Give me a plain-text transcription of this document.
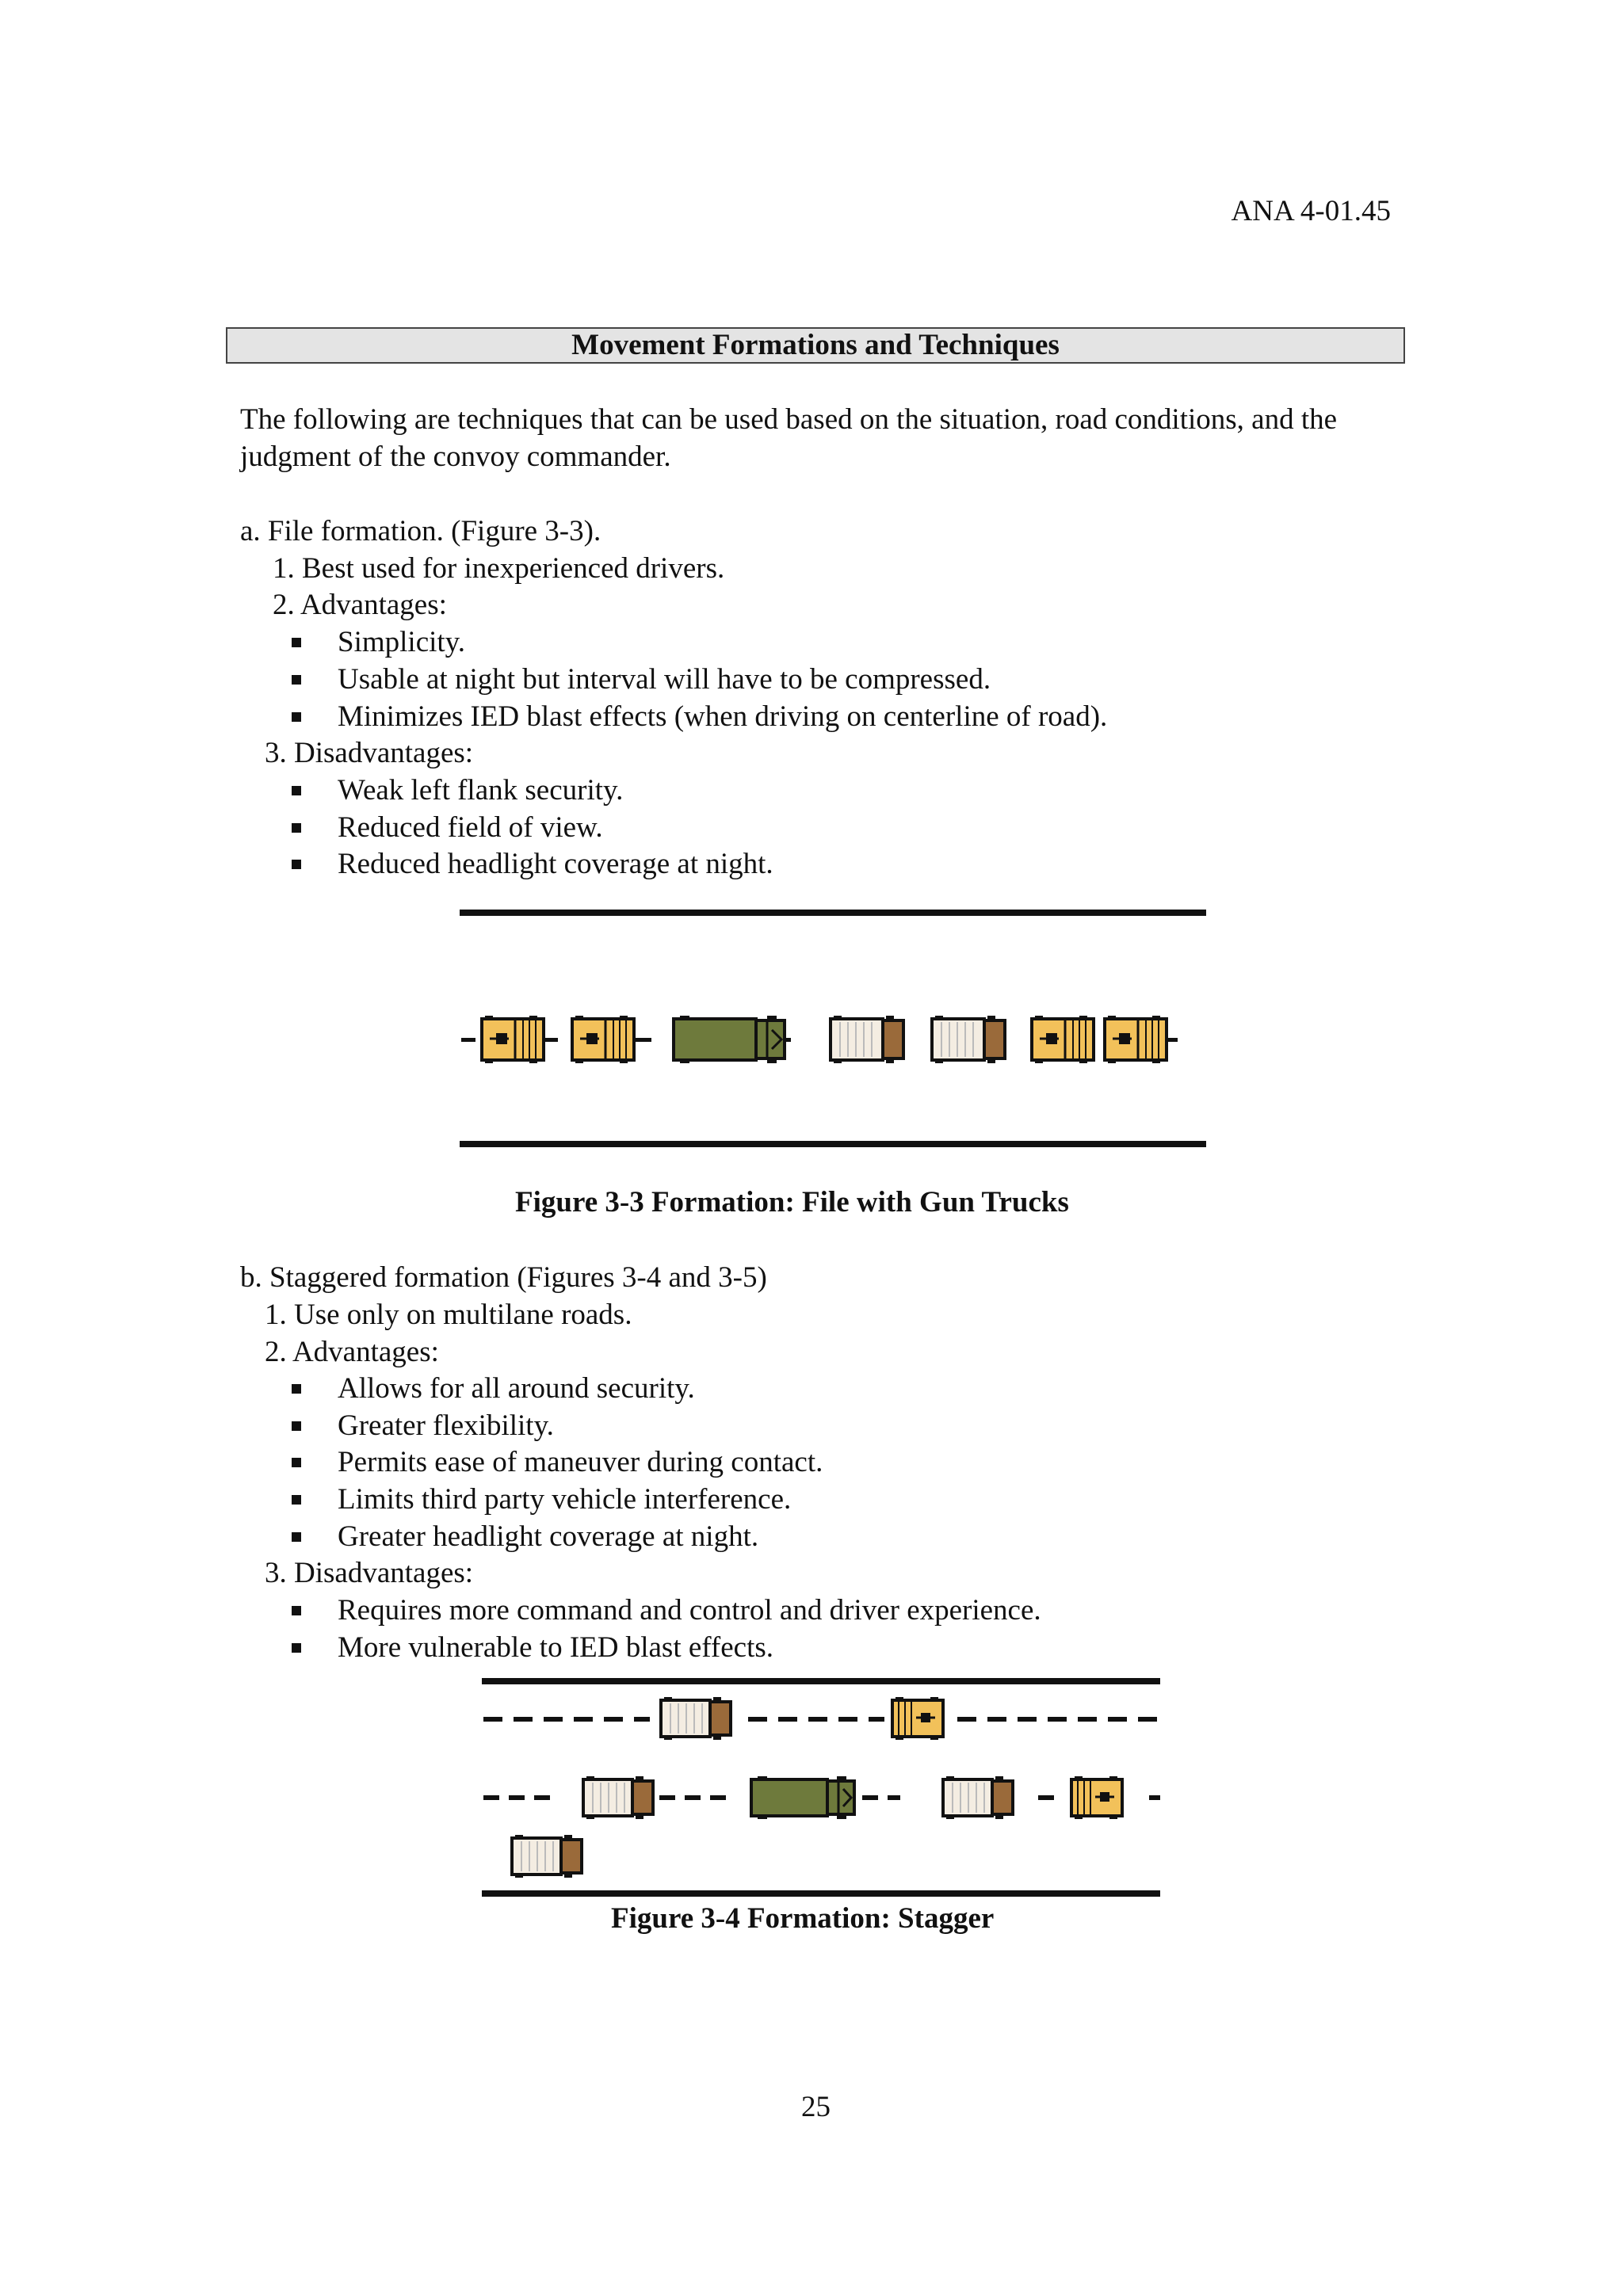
ANA 4-01.45
Movement Formations and Techniques

The following are techniques that can be used based on the situation, road conditions, and the judgment of the convoy commander.

a. File formation. (Figure 3-3).
1. Best used for inexperienced drivers.
2. Advantages:
Simplicity.
Usable at night but interval will have to be compressed.
Minimizes IED blast effects (when driving on centerline of road).
3. Disadvantages:
Weak left flank security.
Reduced field of view.
Reduced headlight coverage at night.
Figure 3-3 Formation: File with Gun Trucks
b. Staggered formation (Figures 3-4 and 3-5)
1. Use only on multilane roads.
2. Advantages:
Allows for all around security.
Greater flexibility.
Permits ease of maneuver during contact.
Limits third party vehicle interference.
Greater headlight coverage at night.
3. Disadvantages:
Requires more command and control and driver experience.
More vulnerable to IED blast effects.
Figure 3-4 Formation: Stagger
25
